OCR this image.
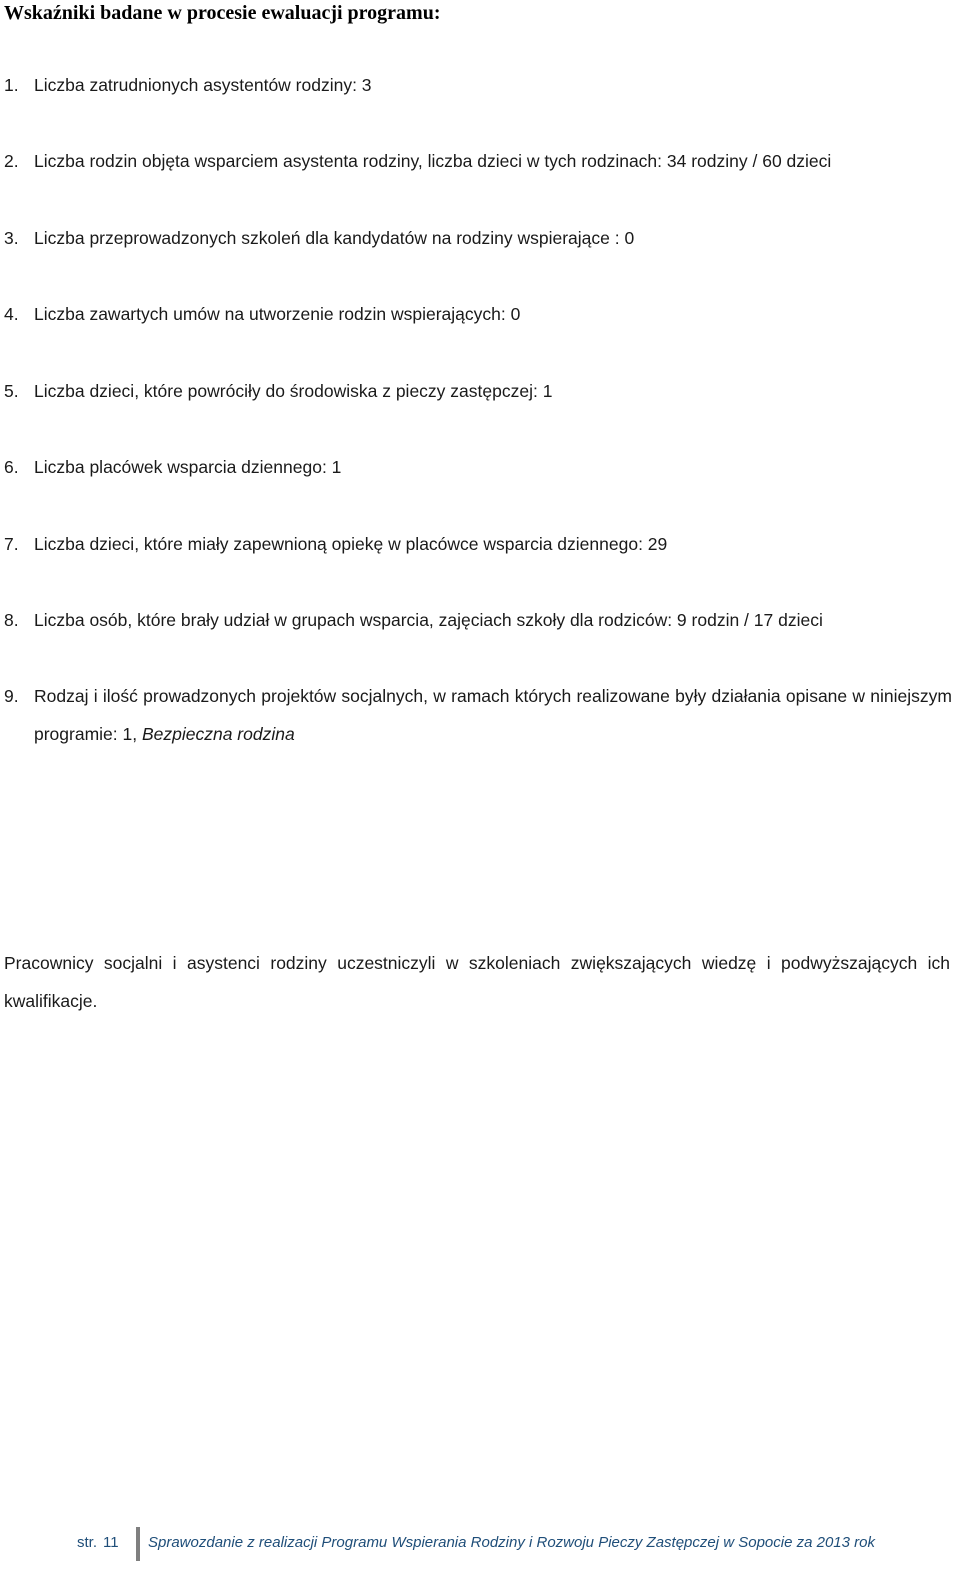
Wskaźniki badane w procesie ewaluacji programu:
1. Liczba zatrudnionych asystentów rodziny: 3
2. Liczba rodzin objęta wsparciem asystenta rodziny, liczba dzieci w tych rodzinach: 34 rodziny / 60 dzieci
3. Liczba przeprowadzonych szkoleń dla kandydatów na rodziny wspierające : 0
4. Liczba zawartych umów na utworzenie rodzin wspierających: 0
5. Liczba dzieci, które powróciły do środowiska z pieczy zastępczej: 1
6. Liczba placówek wsparcia dziennego: 1
7. Liczba dzieci, które miały zapewnioną opiekę w placówce wsparcia dziennego: 29
8. Liczba osób, które brały udział w grupach wsparcia, zajęciach szkoły dla rodziców: 9 rodzin / 17 dzieci
9. Rodzaj i ilość prowadzonych projektów socjalnych, w ramach których realizowane były działania opisane w niniejszym programie: 1, Bezpieczna rodzina
Pracownicy socjalni i asystenci rodziny uczestniczyli w szkoleniach zwiększających wiedzę i podwyższających ich kwalifikacje.
str. 11 Sprawozdanie z realizacji Programu Wspierania Rodziny i Rozwoju Pieczy Zastępczej w Sopocie za 2013 rok
